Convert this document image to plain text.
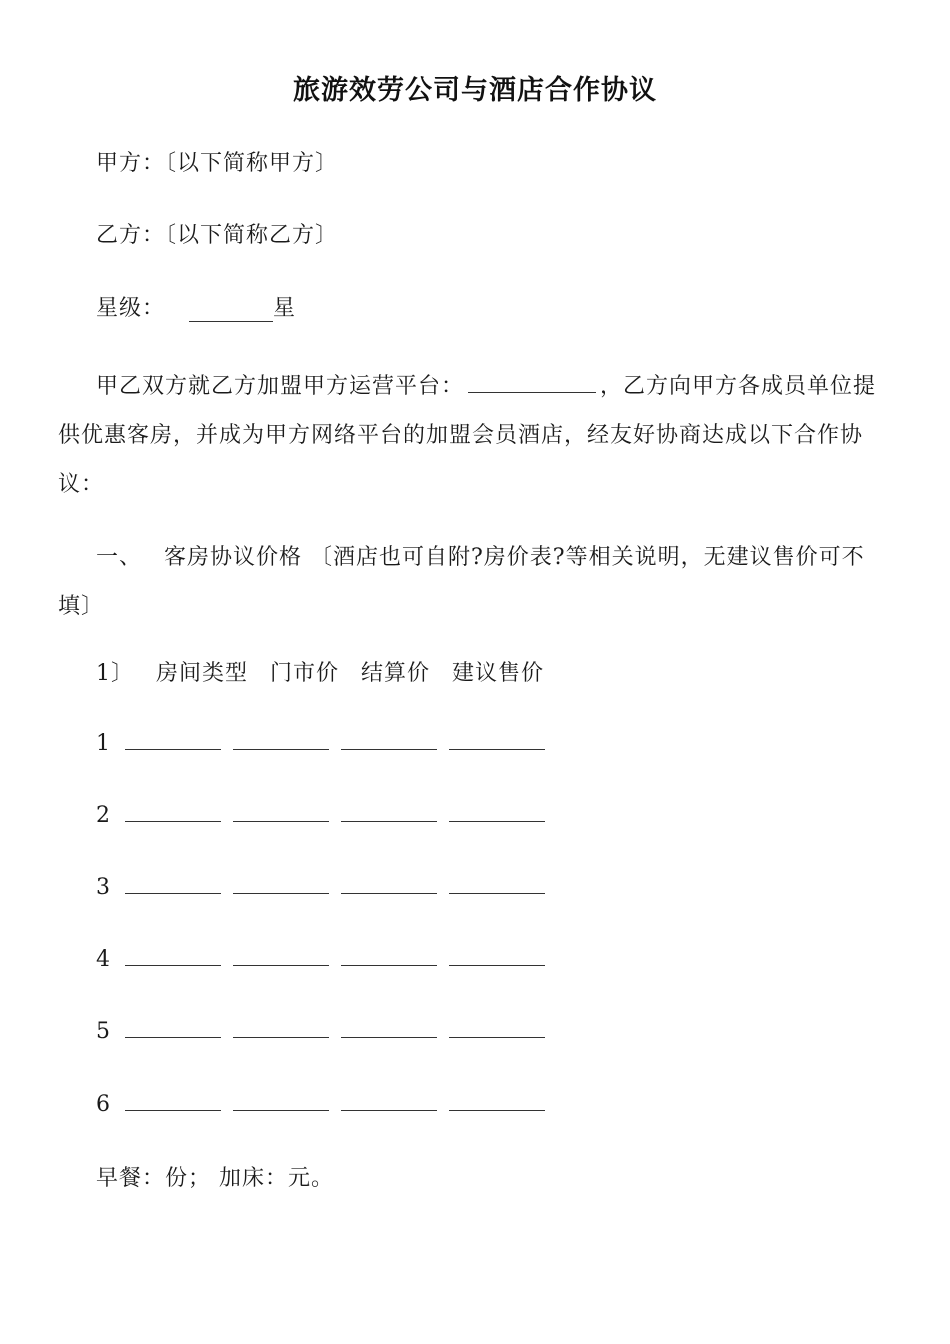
旅游效劳公司与酒店合作协议
甲方：〔以下简称甲方〕
乙方：〔以下简称乙方〕
星级：	星
甲乙双方就乙方加盟甲方运营平台：	，乙方向甲方各成员单位提供优惠客房，并成为甲方网络平台的加盟会员酒店，经友好协商达成以下合作协议：
一、 客房协议价格 〔酒店也可自附?房价表?等相关说明，无建议售价可不填〕
1〕 房间类型 门市价 结算价 建议售价
1
2
3
4
5
6
早餐：份； 加床：元。
